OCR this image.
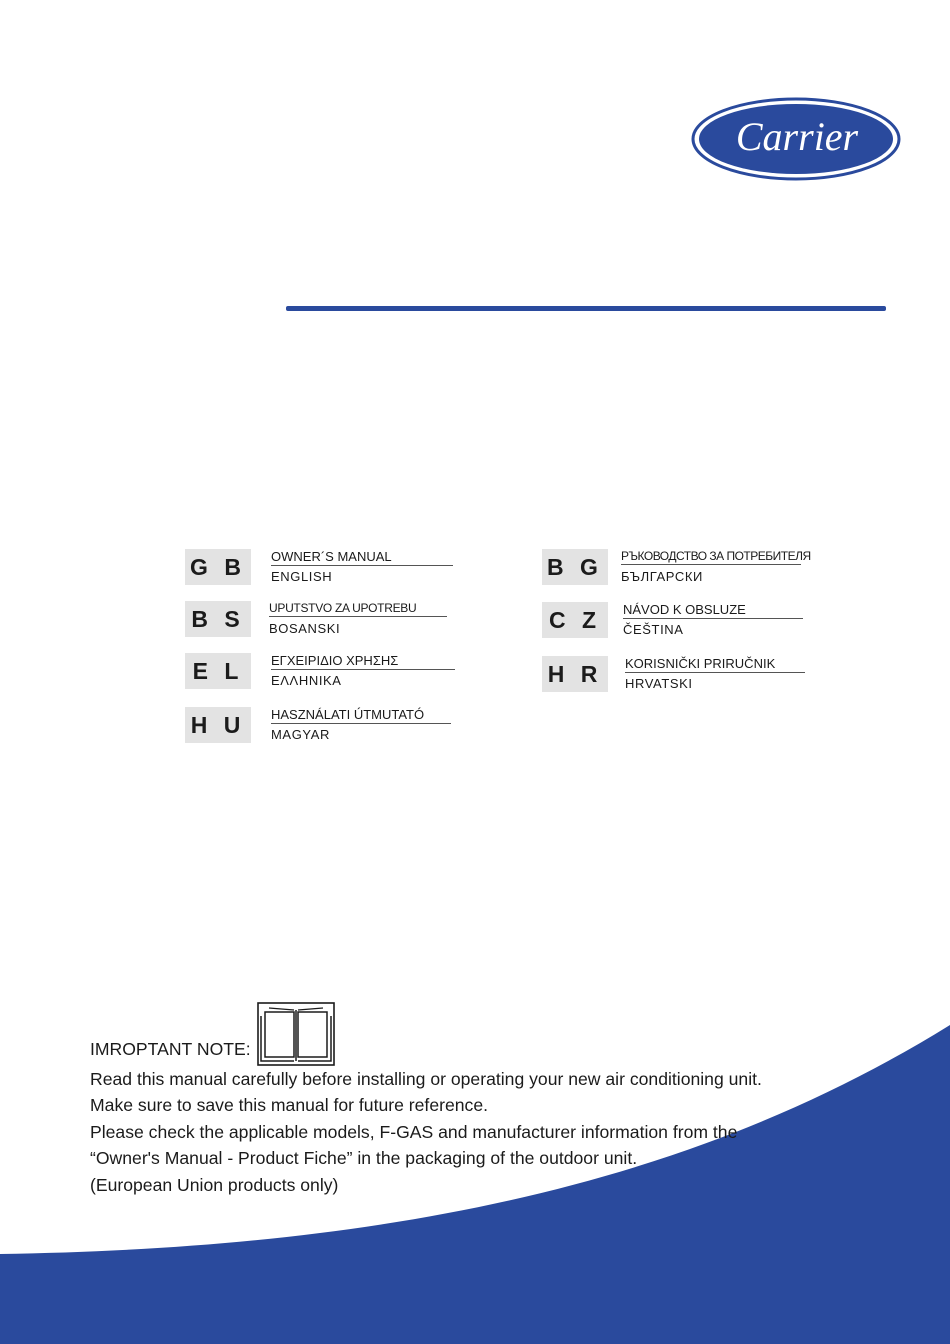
Carrier
G B	OWNER´S MANUAL
ENGLISH
B S	UPUTSTVO ZA UPOTREBU
BOSANSKI
E L	ΕΓΧΕΙΡΙΔΙΟ ΧΡΗΣΗΣ
ΕΛΛΗΝΙΚΑ
H U	HASZNÁLATI ÚTMUTATÓ
MAGYAR
B G	РЪКОВОДСТВО ЗА ПОТРЕБИТЕЛЯ
БЪЛГАРСКИ
C Z	NÁVOD K OBSLUZE
ČEŠTINA
H R	KORISNIČKI PRIRUČNIK
HRVATSKI
IMROPTANT NOTE:

Read this manual carefully before installing or operating your new air conditioning unit.

Make sure to save this manual for future reference.

Please check the applicable models, F-GAS and manufacturer information from the

“Owner's Manual - Product Fiche” in the packaging of the outdoor unit.

(European Union products only)
